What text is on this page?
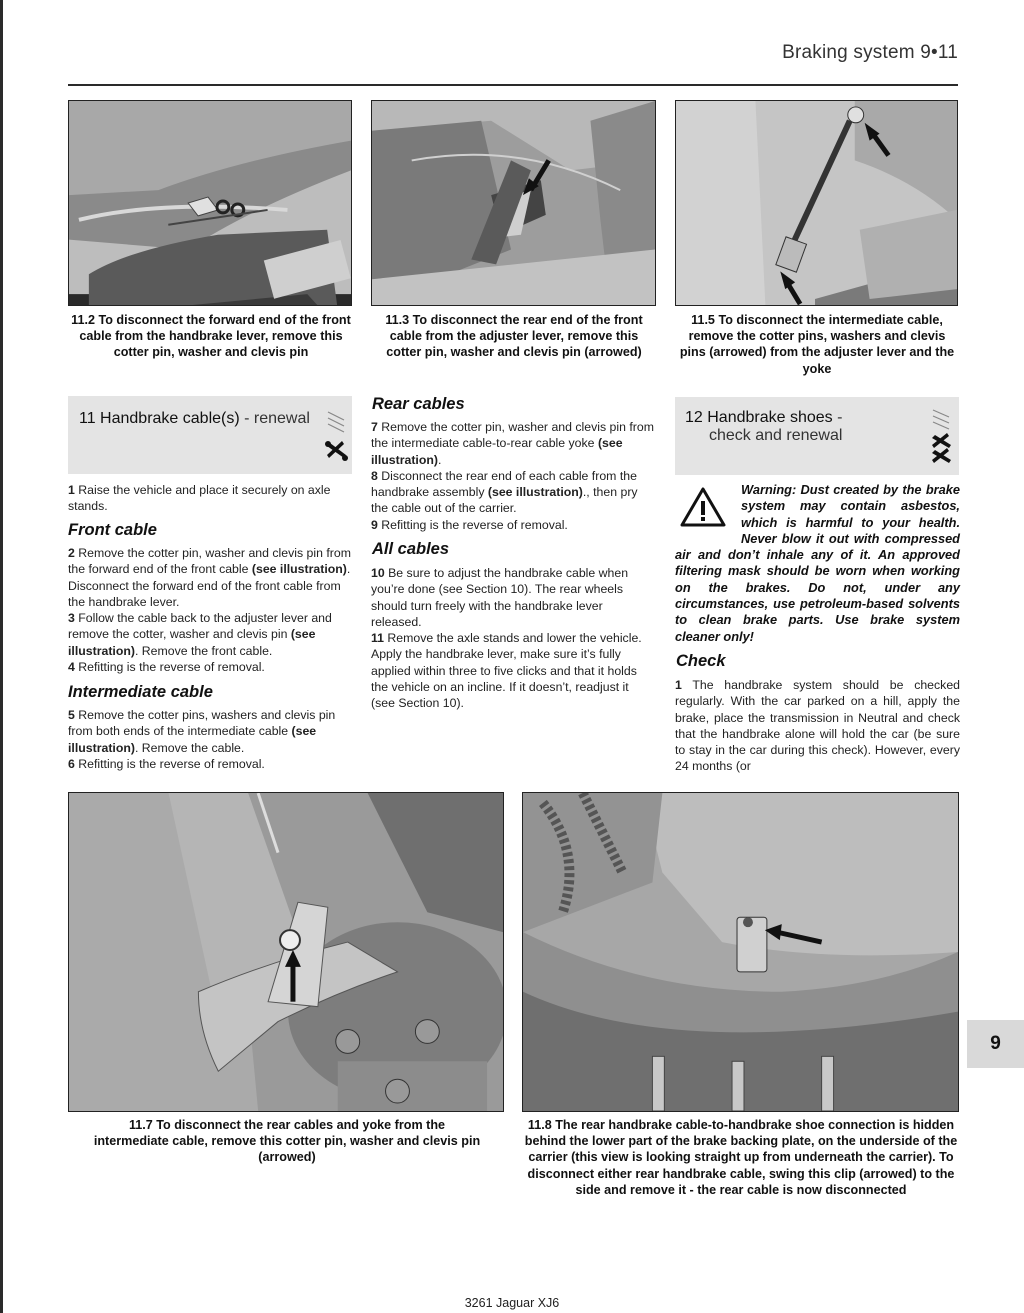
Braking system 9•11
11.2 To disconnect the forward end of the front cable from the handbrake lever, remove this cotter pin, washer and clevis pin
11.3 To disconnect the rear end of the front cable from the adjuster lever, remove this cotter pin, washer and clevis pin (arrowed)
11.5 To disconnect the intermediate cable, remove the cotter pins, washers and clevis pins (arrowed) from the adjuster lever and the yoke
11 Handbrake cable(s) - renewal

1 Raise the vehicle and place it securely on axle stands.

Front cable

2 Remove the cotter pin, washer and clevis pin from the forward end of the front cable (see illustration). Disconnect the forward end of the front cable from the handbrake lever.

3 Follow the cable back to the adjuster lever and remove the cotter, washer and clevis pin (see illustration). Remove the front cable.

4 Refitting is the reverse of removal.

Intermediate cable

5 Remove the cotter pins, washers and clevis pin from both ends of the intermediate cable (see illustration). Remove the cable.

6 Refitting is the reverse of removal.

Rear cables

7 Remove the cotter pin, washer and clevis pin from the intermediate cable-to-rear cable yoke (see illustration).

8 Disconnect the rear end of each cable from the handbrake assembly (see illustration)., then pry the cable out of the carrier.

9 Refitting is the reverse of removal.

All cables

10 Be sure to adjust the handbrake cable when you’re done (see Section 10). The rear wheels should turn freely with the handbrake lever released.

11 Remove the axle stands and lower the vehicle. Apply the handbrake lever, make sure it’s fully applied within three to five clicks and that it holds the vehicle on an incline. If it doesn’t, readjust it (see Section 10).

12 Handbrake shoes -
check and renewal
Warning: Dust created by the brake system may contain asbestos, which is harmful to your health. Never blow it out with compressed air and don’t inhale any of it. An approved filtering mask should be worn when working on the brakes. Do not, under any circumstances, use petroleum-based solvents to clean brake parts. Use brake system cleaner only!
Check

1 The handbrake system should be checked regularly. With the car parked on a hill, apply the brake, place the transmission in Neutral and check that the handbrake alone will hold the car (be sure to stay in the car during this check). However, every 24 months (or

11.7 To disconnect the rear cables and yoke from the intermediate cable, remove this cotter pin, washer and clevis pin (arrowed)
11.8 The rear handbrake cable-to-handbrake shoe connection is hidden behind the lower part of the brake backing plate, on the underside of the carrier (this view is looking straight up from underneath the carrier). To disconnect either rear handbrake cable, swing this clip (arrowed) to the side and remove it - the rear cable is now disconnected
9
3261 Jaguar XJ6
